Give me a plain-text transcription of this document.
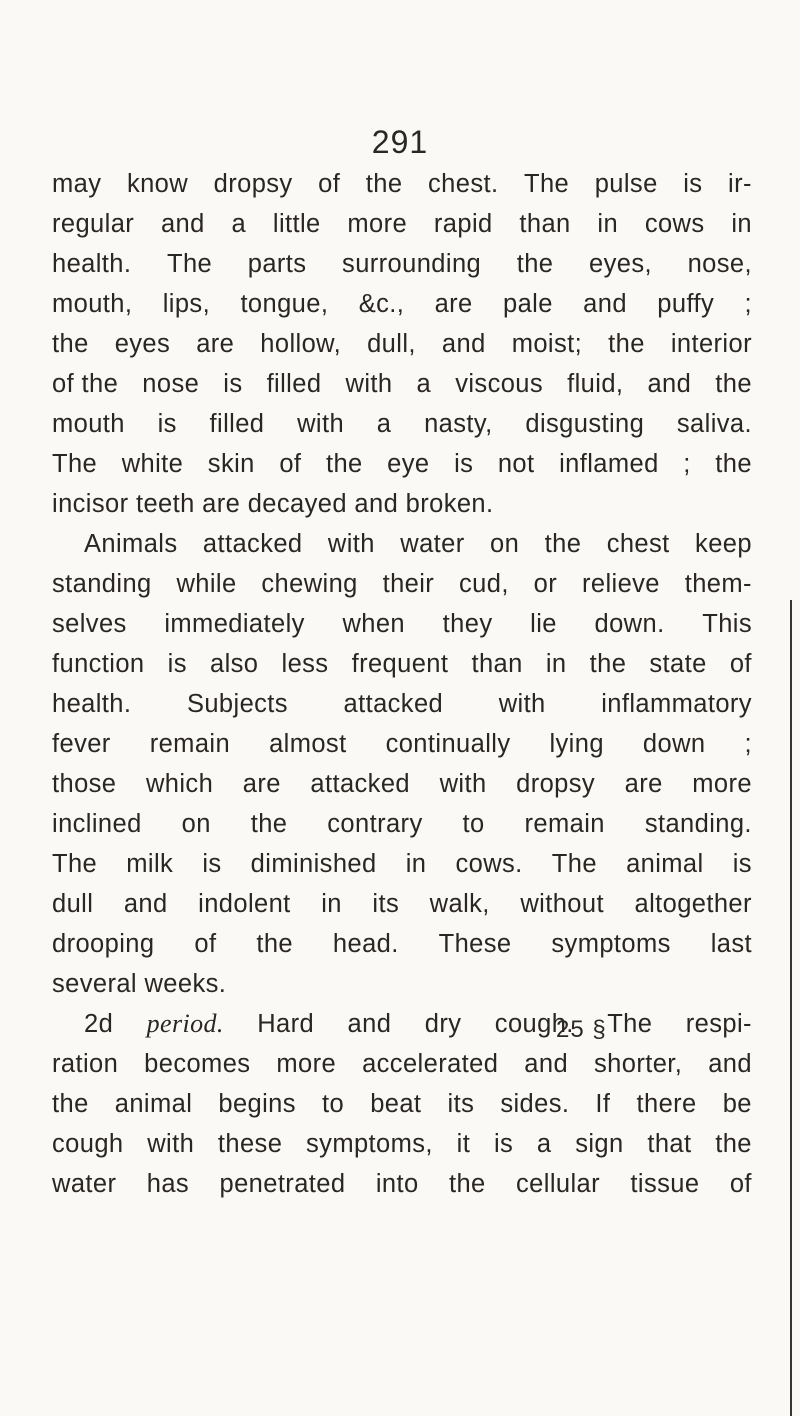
291
may know dropsy of the chest. The pulse is ir-
regular and a little more rapid than in cows in
health. The parts surrounding the eyes, nose,
mouth, lips, tongue, &c., are pale and puffy ;
the eyes are hollow, dull, and moist; the interior
of the nose is filled with a viscous fluid, and the
mouth is filled with a nasty, disgusting saliva.
The white skin of the eye is not inflamed ; the
incisor teeth are decayed and broken.
Animals attacked with water on the chest keep
standing while chewing their cud, or relieve them-
selves immediately when they lie down. This
function is also less frequent than in the state of
health. Subjects attacked with inflammatory
fever remain almost continually lying down ;
those which are attacked with dropsy are more
inclined on the contrary to remain standing.
The milk is diminished in cows. The animal is
dull and indolent in its walk, without altogether
drooping of the head. These symptoms last
several weeks.
2d period. Hard and dry cough. The respi-
ration becomes more accelerated and shorter, and
the animal begins to beat its sides. If there be
cough with these symptoms, it is a sign that the
water has penetrated into the cellular tissue of
25 §
